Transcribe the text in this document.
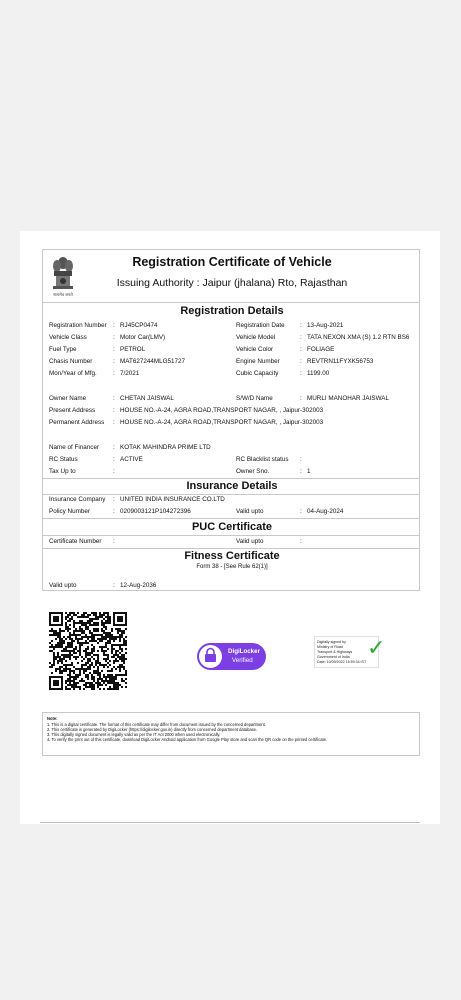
सत्यमेव जयते
Registration Certificate of Vehicle
Issuing Authority : Jaipur (jhalana) Rto, Rajasthan
Registration Details
Registration Number : RJ45CP0474	Registration Date : 13-Aug-2021
Vehicle Class	: Motor Car(LMV)	Vehicle Model	: TATA NEXON XMA (S) 1.2 RTN BS6
Fuel Type	: PETROL	Vehicle Color	: FOLIAGE
Chasis Number	: MAT627244MLG51727	Engine Number	: REVTRN11FYXK56753
Mon/Year of Mfg.	: 7/2021	Cubic Capacity	: 1199.00
Owner Name	: CHETAN JAISWAL	S/W/D Name	: MURLI MANOHAR JAISWAL
Present Address	: HOUSE NO.-A-24, AGRA ROAD,TRANSPORT NAGAR, , Jaipur-302003
Permanent Address : HOUSE NO.-A-24, AGRA ROAD,TRANSPORT NAGAR, , Jaipur-302003
Name of Financer : KOTAK MAHINDRA PRIME LTD
RC Status	: ACTIVE	RC Blacklist status :
Tax Up to	:	Owner Sno.	: 1
Insurance Details
Insurance Company : UNITED INDIA INSURANCE CO.LTD
Policy Number	: 0209003121P104272396	Valid upto	: 04-Aug-2024
PUC Certificate
Certificate Number :	Valid upto	:
Fitness Certificate
Form 38 - [See Rule 62(1)]
Valid upto	: 12-Aug-2036
DigiLocker
Verified
Digitally signed by
Ministry of Road
Transport & Highways
Government of India
Date: 10/09/2022 16:59:34 IST
✓
Note:
1. This is a digital certificate. The format of this certificate may differ from document issued by the concerned department.
2. This certificate is generated by DigiLocker (https://digilocker.gov.in) directly from concerned department database.
3. This digitally signed document is legally valid as per the IT Act 2000 when used electronically.
4. To verify the print out of this certificate, download DigiLocker Android application from Google Play store and scan the QR code on the printed certificate.
